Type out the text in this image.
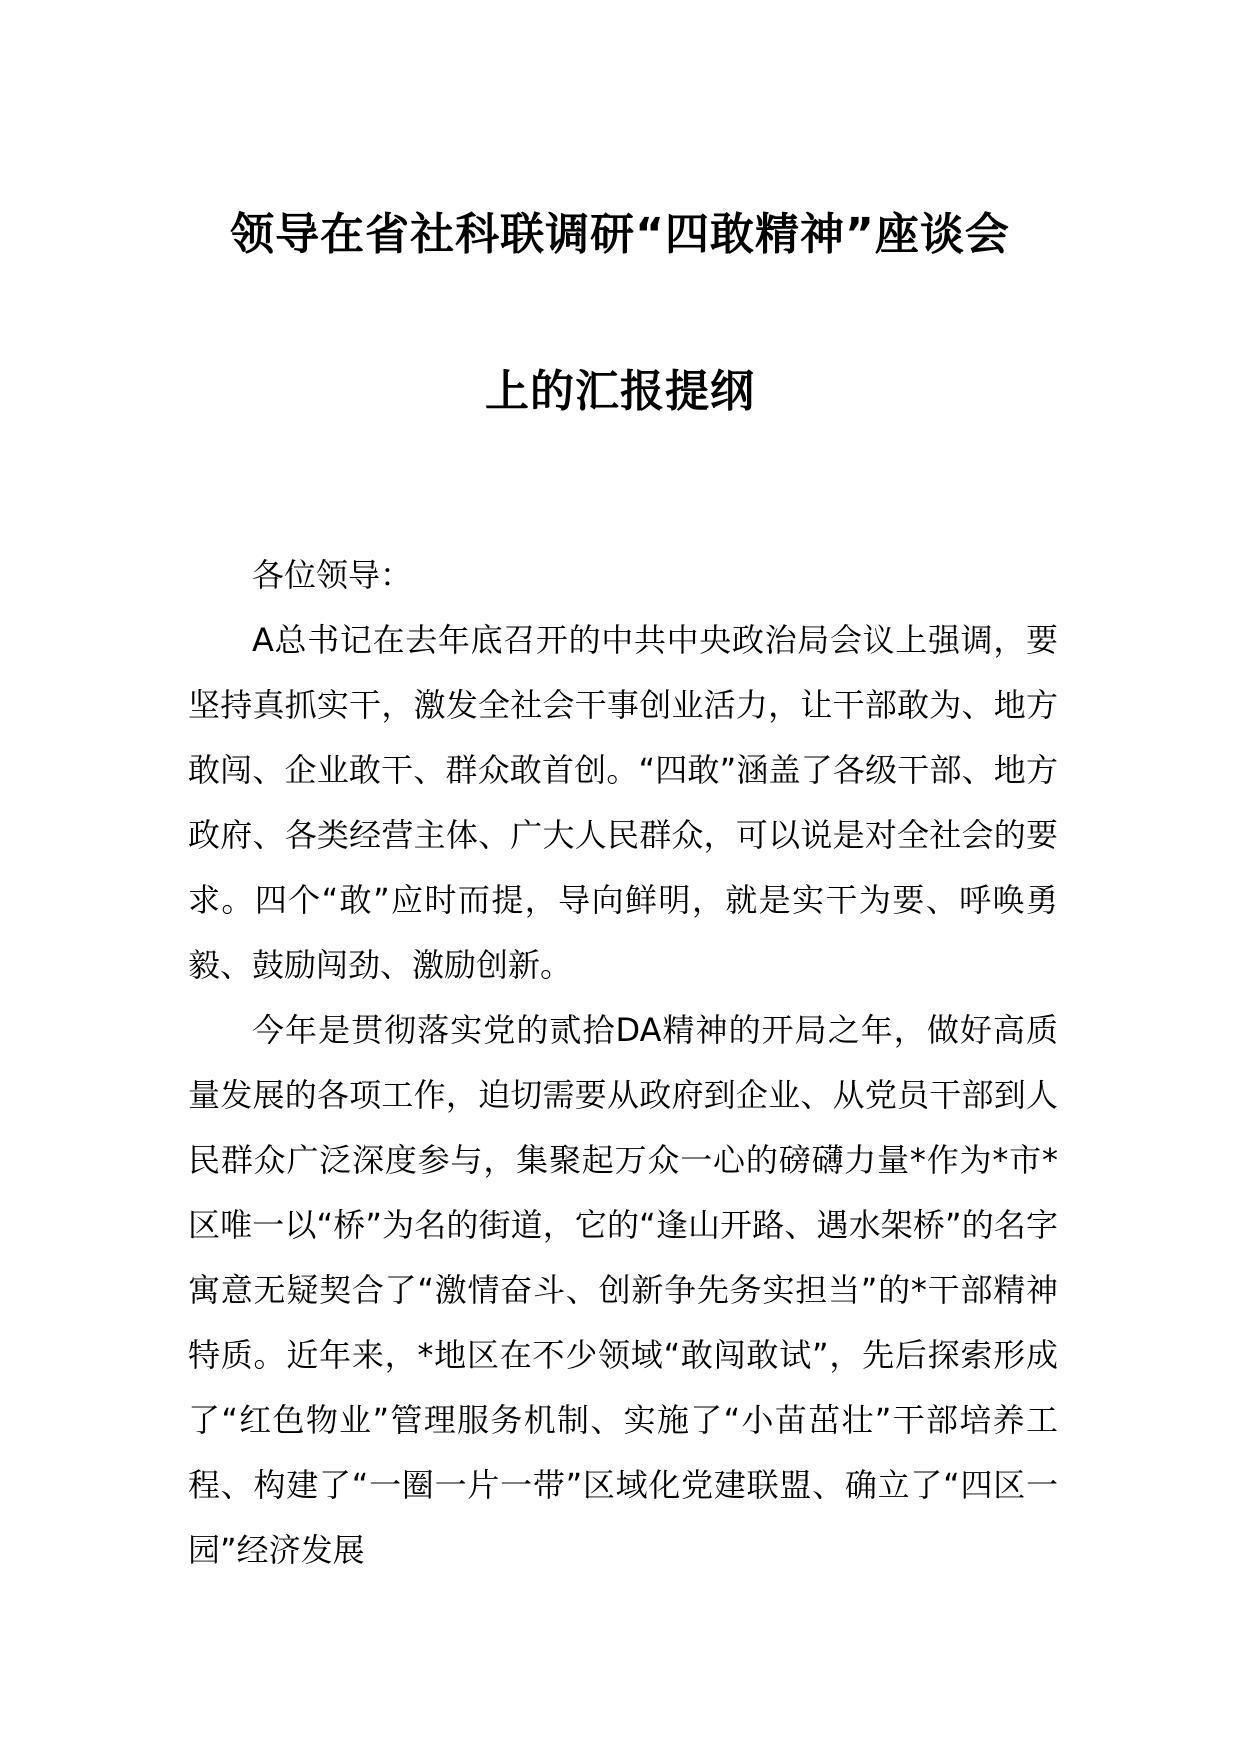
领导在省社科联调研“四敢精神”座谈会
上的汇报提纲

各位领导：

A总书记在去年底召开的中共中央政治局会议上强调，要坚持真抓实干，激发全社会干事创业活力，让干部敢为、地方敢闯、企业敢干、群众敢首创。“四敢”涵盖了各级干部、地方政府、各类经营主体、广大人民群众，可以说是对全社会的要求。四个“敢”应时而提，导向鲜明，就是实干为要、呼唤勇毅、鼓励闯劲、激励创新。

今年是贯彻落实党的贰拾DA精神的开局之年，做好高质量发展的各项工作，迫切需要从政府到企业、从党员干部到人民群众广泛深度参与，集聚起万众一心的磅礴力量*作为*市*区唯一以“桥”为名的街道，它的“逢山开路、遇水架桥”的名字寓意无疑契合了“激情奋斗、创新争先务实担当”的*干部精神特质。近年来，*地区在不少领域“敢闯敢试”，先后探索形成了“红色物业”管理服务机制、实施了“小苗茁壮”干部培养工程、构建了“一圈一片一带”区域化党建联盟、确立了“四区一园”经济发展
